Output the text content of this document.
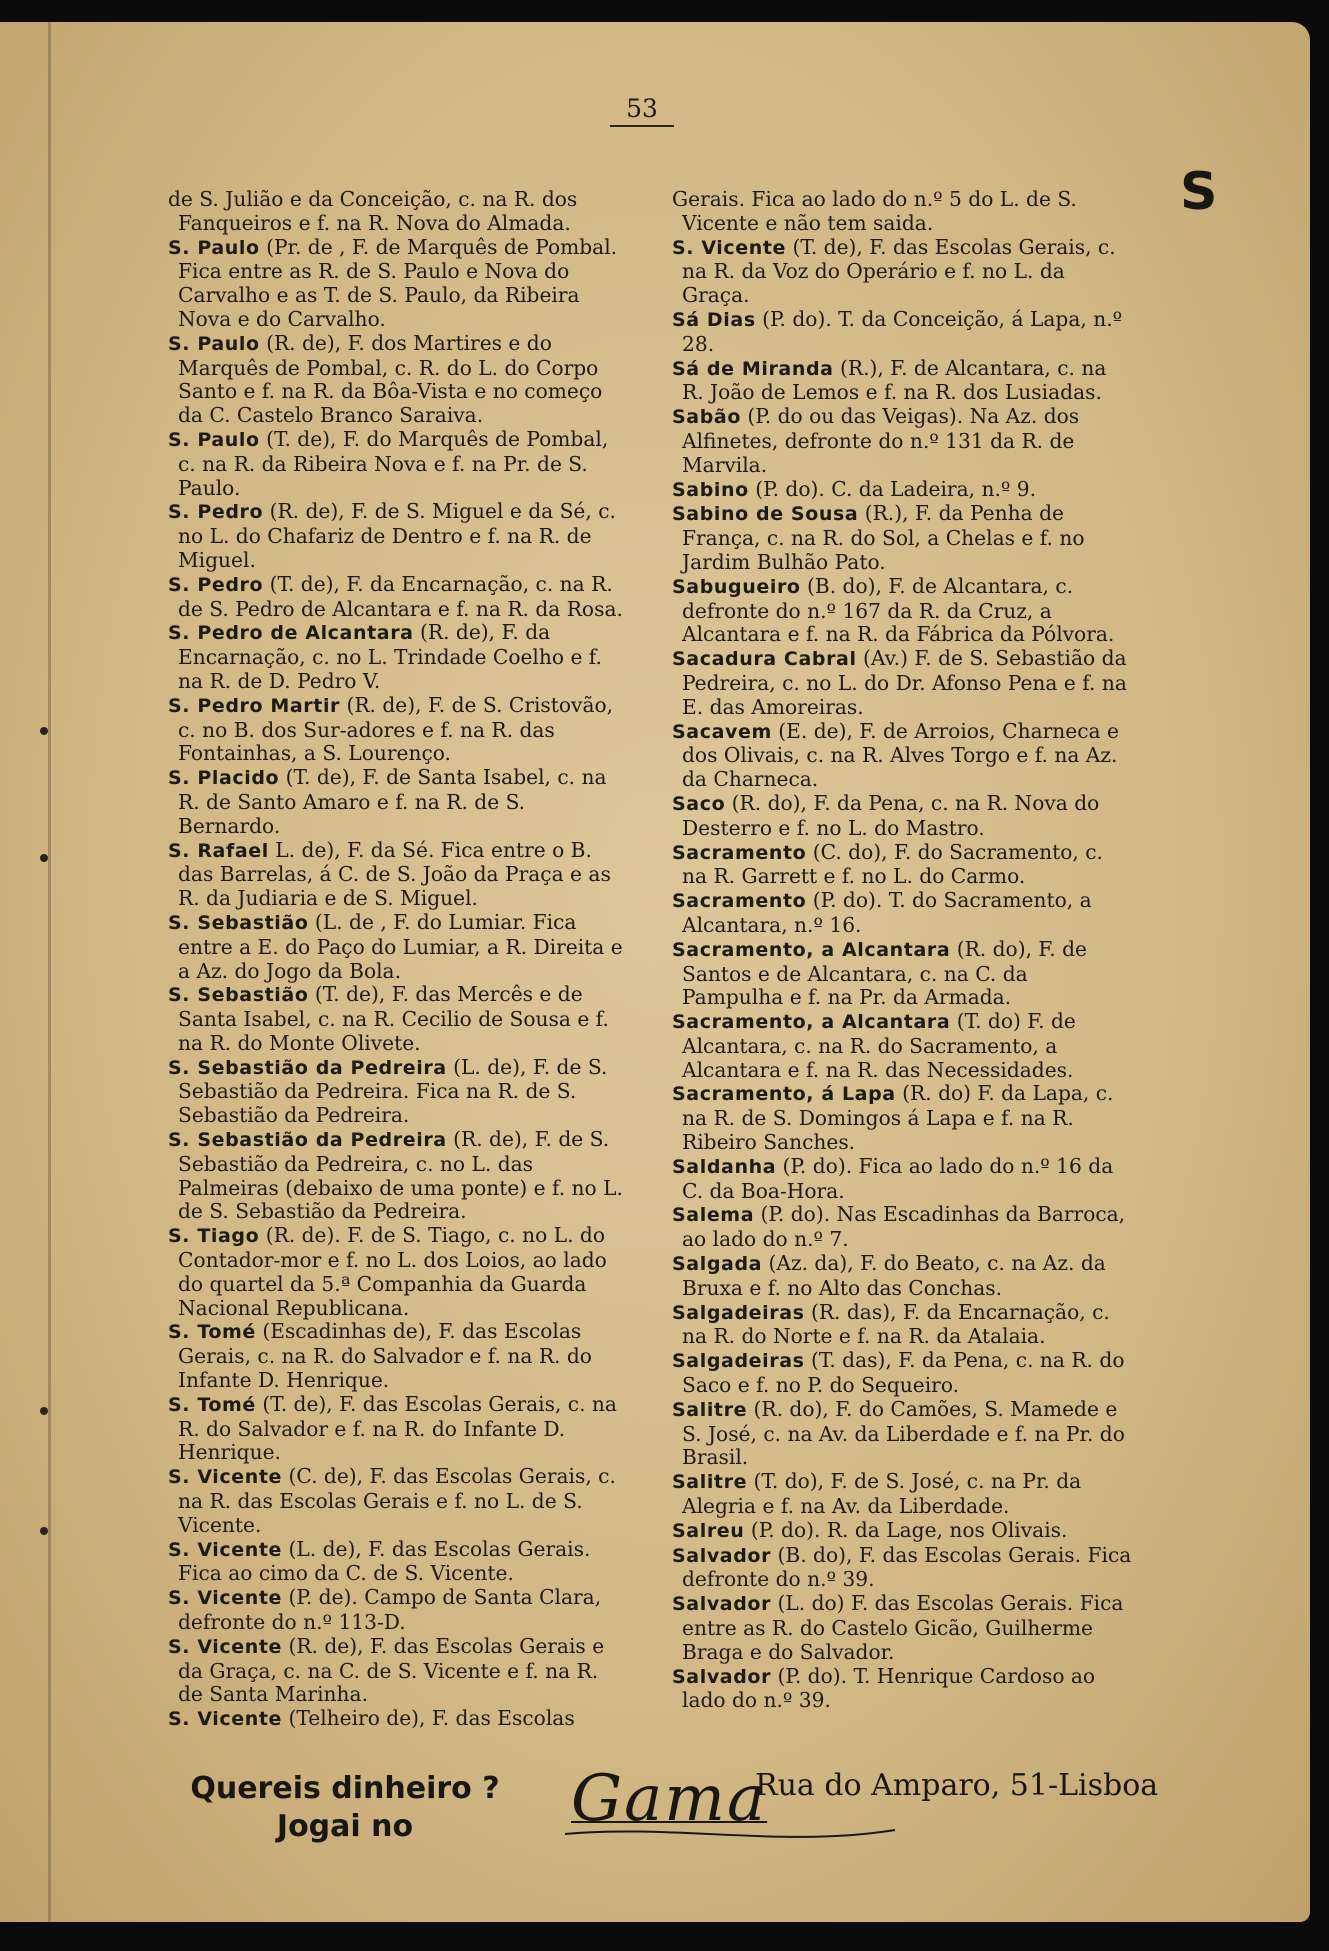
53
S

de S. Julião e da Conceição, c. na R. dos Fanqueiros e f. na R. Nova do Almada.

S. Paulo (Pr. de , F. de Marquês de Pombal. Fica entre as R. de S. Paulo e Nova do Carvalho e as T. de S. Paulo, da Ribeira Nova e do Carvalho.

S. Paulo (R. de), F. dos Martires e do Marquês de Pombal, c. R. do L. do Corpo Santo e f. na R. da Bôa-Vista e no começo da C. Castelo Branco Saraiva.

S. Paulo (T. de), F. do Marquês de Pombal, c. na R. da Ribeira Nova e f. na Pr. de S. Paulo.

S. Pedro (R. de), F. de S. Miguel e da Sé, c. no L. do Chafariz de Dentro e f. na R. de Miguel.

S. Pedro (T. de), F. da Encarnação, c. na R. de S. Pedro de Alcantara e f. na R. da Rosa.

S. Pedro de Alcantara (R. de), F. da Encarnação, c. no L. Trindade Coelho e f. na R. de D. Pedro V.

S. Pedro Martir (R. de), F. de S. Cristovão, c. no B. dos Sur-adores e f. na R. das Fontainhas, a S. Lourenço.

S. Placido (T. de), F. de Santa Isabel, c. na R. de Santo Amaro e f. na R. de S. Bernardo.

S. Rafael L. de), F. da Sé. Fica entre o B. das Barrelas, á C. de S. João da Praça e as R. da Judiaria e de S. Miguel.

S. Sebastião (L. de , F. do Lumiar. Fica entre a E. do Paço do Lumiar, a R. Direita e a Az. do Jogo da Bola.

S. Sebastião (T. de), F. das Mercês e de Santa Isabel, c. na R. Cecilio de Sousa e f. na R. do Monte Olivete.

S. Sebastião da Pedreira (L. de), F. de S. Sebastião da Pedreira. Fica na R. de S. Sebastião da Pedreira.

S. Sebastião da Pedreira (R. de), F. de S. Sebastião da Pedreira, c. no L. das Palmeiras (debaixo de uma ponte) e f. no L. de S. Sebastião da Pedreira.

S. Tiago (R. de). F. de S. Tiago, c. no L. do Contador-mor e f. no L. dos Loios, ao lado do quartel da 5.ª Companhia da Guarda Nacional Republicana.

S. Tomé (Escadinhas de), F. das Escolas Gerais, c. na R. do Salvador e f. na R. do Infante D. Henrique.

S. Tomé (T. de), F. das Escolas Gerais, c. na R. do Salvador e f. na R. do Infante D. Henrique.

S. Vicente (C. de), F. das Escolas Gerais, c. na R. das Escolas Gerais e f. no L. de S. Vicente.

S. Vicente (L. de), F. das Escolas Gerais. Fica ao cimo da C. de S. Vicente.

S. Vicente (P. de). Campo de Santa Clara, defronte do n.º 113-D.

S. Vicente (R. de), F. das Escolas Gerais e da Graça, c. na C. de S. Vicente e f. na R. de Santa Marinha.

S. Vicente (Telheiro de), F. das Escolas

Gerais. Fica ao lado do n.º 5 do L. de S. Vicente e não tem saida.

S. Vicente (T. de), F. das Escolas Gerais, c. na R. da Voz do Operário e f. no L. da Graça.

Sá Dias (P. do). T. da Conceição, á Lapa, n.º 28.

Sá de Miranda (R.), F. de Alcantara, c. na R. João de Lemos e f. na R. dos Lusiadas.

Sabão (P. do ou das Veigas). Na Az. dos Alfinetes, defronte do n.º 131 da R. de Marvila.

Sabino (P. do). C. da Ladeira, n.º 9.

Sabino de Sousa (R.), F. da Penha de França, c. na R. do Sol, a Chelas e f. no Jardim Bulhão Pato.

Sabugueiro (B. do), F. de Alcantara, c. defronte do n.º 167 da R. da Cruz, a Alcantara e f. na R. da Fábrica da Pólvora.

Sacadura Cabral (Av.) F. de S. Sebastião da Pedreira, c. no L. do Dr. Afonso Pena e f. na E. das Amoreiras.

Sacavem (E. de), F. de Arroios, Charneca e dos Olivais, c. na R. Alves Torgo e f. na Az. da Charneca.

Saco (R. do), F. da Pena, c. na R. Nova do Desterro e f. no L. do Mastro.

Sacramento (C. do), F. do Sacramento, c. na R. Garrett e f. no L. do Carmo.

Sacramento (P. do). T. do Sacramento, a Alcantara, n.º 16.

Sacramento, a Alcantara (R. do), F. de Santos e de Alcantara, c. na C. da Pampulha e f. na Pr. da Armada.

Sacramento, a Alcantara (T. do) F. de Alcantara, c. na R. do Sacramento, a Alcantara e f. na R. das Necessidades.

Sacramento, á Lapa (R. do) F. da Lapa, c. na R. de S. Domingos á Lapa e f. na R. Ribeiro Sanches.

Saldanha (P. do). Fica ao lado do n.º 16 da C. da Boa-Hora.

Salema (P. do). Nas Escadinhas da Barroca, ao lado do n.º 7.

Salgada (Az. da), F. do Beato, c. na Az. da Bruxa e f. no Alto das Conchas.

Salgadeiras (R. das), F. da Encarnação, c. na R. do Norte e f. na R. da Atalaia.

Salgadeiras (T. das), F. da Pena, c. na R. do Saco e f. no P. do Sequeiro.

Salitre (R. do), F. do Camões, S. Mamede e S. José, c. na Av. da Liberdade e f. na Pr. do Brasil.

Salitre (T. do), F. de S. José, c. na Pr. da Alegria e f. na Av. da Liberdade.

Salreu (P. do). R. da Lage, nos Olivais.

Salvador (B. do), F. das Escolas Gerais. Fica defronte do n.º 39.

Salvador (L. do) F. das Escolas Gerais. Fica entre as R. do Castelo Gicão, Guilherme Braga e do Salvador.

Salvador (P. do). T. Henrique Cardoso ao lado do n.º 39.

Quereis dinheiro ?
Jogai no	Gama
Rua do Amparo, 51-Lisboa
